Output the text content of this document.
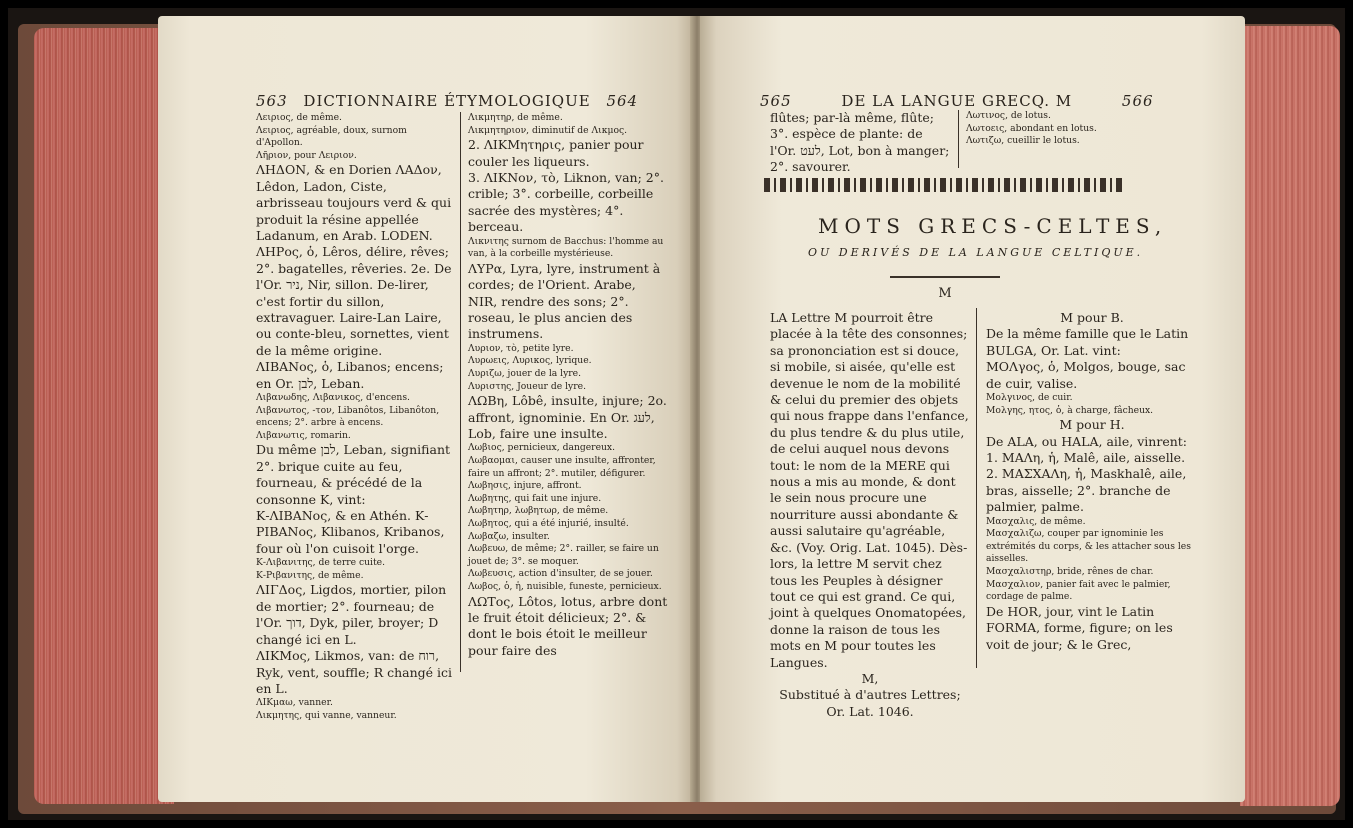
563 DICTIONNAIRE ÉTYMOLOGIQUE 564

Λειριος, de même.

Λειριος, agréable, doux, surnom d'Apollon.

Λῆριον, pour Λειριον.

ΛΗΔΟΝ, & en Dorien ΛΑΔον, Lêdon, Ladon, Ciste, arbrisseau toujours verd & qui produit la résine appellée Ladanum, en Arab. LODEN.

ΛΗΡος, ὁ, Lêros, délire, rêves; 2°. bagatelles, rêveries. 2e. De l'Or. ניר, Nir, sillon. De-lirer, c'est fortir du sillon, extravaguer. Laire-Lan Laire, ou conte-bleu, sornettes, vient de la même origine.

ΛΙΒΑΝος, ὁ, Libanos; encens; en Or. לבן, Leban.

Λιβανωδης, Λιβανικος, d'encens.

Λιβανωτος, -τον, Libanôtos, Libanôton, encens; 2°. arbre à encens.

Λιβανωτις, romarin.

Du même לבן, Leban, signifiant 2°. brique cuite au feu, fourneau, & précédé de la consonne K, vint:

Κ-ΛΙΒΑΝος, & en Athén. Κ-ΡΙΒΑΝος, Klibanos, Kribanos, four où l'on cuisoit l'orge.

Κ-Λιβανιτης, de terre cuite.

Κ-Ριβανιτης, de même.

ΛΙΓΔος, Ligdos, mortier, pilon de mortier; 2°. fourneau; de l'Or. דוך, Dyk, piler, broyer; D changé ici en L.

ΛΙΚΜος, Likmos, van: de רוח, Ryk, vent, souffle; R changé ici en L.

ΛΙΚμαω, vanner.

Λικμητης, qui vanne, vanneur.

Λικμητηρ, de même.

Λικμητηριον, diminutif de Λικμος.

2. ΛΙΚΜητηρις, panier pour couler les liqueurs.

3. ΛΙΚΝον, τὸ, Liknon, van; 2°. crible; 3°. corbeille, corbeille sacrée des mystères; 4°. berceau.

Λικνιτης surnom de Bacchus: l'homme au van, à la corbeille mystérieuse.

ΛΥΡα, Lyra, lyre, instrument à cordes; de l'Orient. Arabe, NIR, rendre des sons; 2°. roseau, le plus ancien des instrumens.

Λυριον, τὸ, petite lyre.

Λυρωεις, Λυρικος, lyrique.

Λυριζω, jouer de la lyre.

Λυριστης, Joueur de lyre.

ΛΩΒη, Lôbê, insulte, injure; 2o. affront, ignominie. En Or. לעג, Lob, faire une insulte.

Λωβιος, pernicieux, dangereux.

Λωβαομαι, causer une insulte, affronter, faire un affront; 2°. mutiler, défigurer.

Λωβησις, injure, affront.

Λωβητης, qui fait une injure.

Λωβητηρ, λωβητωρ, de même.

Λωβητος, qui a été injurié, insulté.

Λωβαζω, insulter.

Λωβευω, de même; 2°. railler, se faire un jouet de; 3°. se moquer.

Λωβευσις, action d'insulter, de se jouer.

Λωβος, ὁ, ἡ, nuisible, funeste, pernicieux.

ΛΩΤος, Lôtos, lotus, arbre dont le fruit étoit délicieux; 2°. & dont le bois étoit le meilleur pour faire des

565	DE LA LANGUE GRECQ. M	566

flûtes; par-là même, flûte; 3°. espèce de plante: de l'Or. לעט, Lot, bon à manger; 2°. savourer.

Λωτινος, de lotus.

Λωτοεις, abondant en lotus.

Λωτιζω, cueillir le lotus.

MOTS GRECS-CELTES,
OU DERIVÉS DE LA LANGUE CELTIQUE.
M

LA Lettre M pourroit être placée à la tête des consonnes; sa prononciation est si douce, si mobile, si aisée, qu'elle est devenue le nom de la mobilité & celui du premier des objets qui nous frappe dans l'enfance, du plus tendre & du plus utile, de celui auquel nous devons tout: le nom de la MERE qui nous a mis au monde, & dont le sein nous procure une nourriture aussi abondante & aussi salutaire qu'agréable, &c. (Voy. Orig. Lat. 1045). Dès-lors, la lettre M servit chez tous les Peuples à désigner tout ce qui est grand. Ce qui, joint à quelques Onomatopées, donne la raison de tous les mots en M pour toutes les Langues.

M,

Substitué à d'autres Lettres; Or. Lat. 1046.

M pour B.

De la même famille que le Latin BULGA, Or. Lat. vint:

ΜΟΛγος, ὁ, Molgos, bouge, sac de cuir, valise.

Μολγινος, de cuir.

Μολγης, ητος, ὁ, à charge, fâcheux.

M pour H.

De ALA, ou HALA, aile, vinrent:

1. ΜΑΛη, ἡ, Malê, aile, aisselle.

2. ΜΑΣΧΑΛη, ἡ, Maskhalê, aile, bras, aisselle; 2°. branche de palmier, palme.

Μασχαλις, de même.

Μασχαλιζω, couper par ignominie les extrémités du corps, & les attacher sous les aisselles.

Μασχαλιστηρ, bride, rênes de char.

Μασχαλιον, panier fait avec le palmier, cordage de palme.

De HOR, jour, vint le Latin FORMA, forme, figure; on les voit de jour; & le Grec,
